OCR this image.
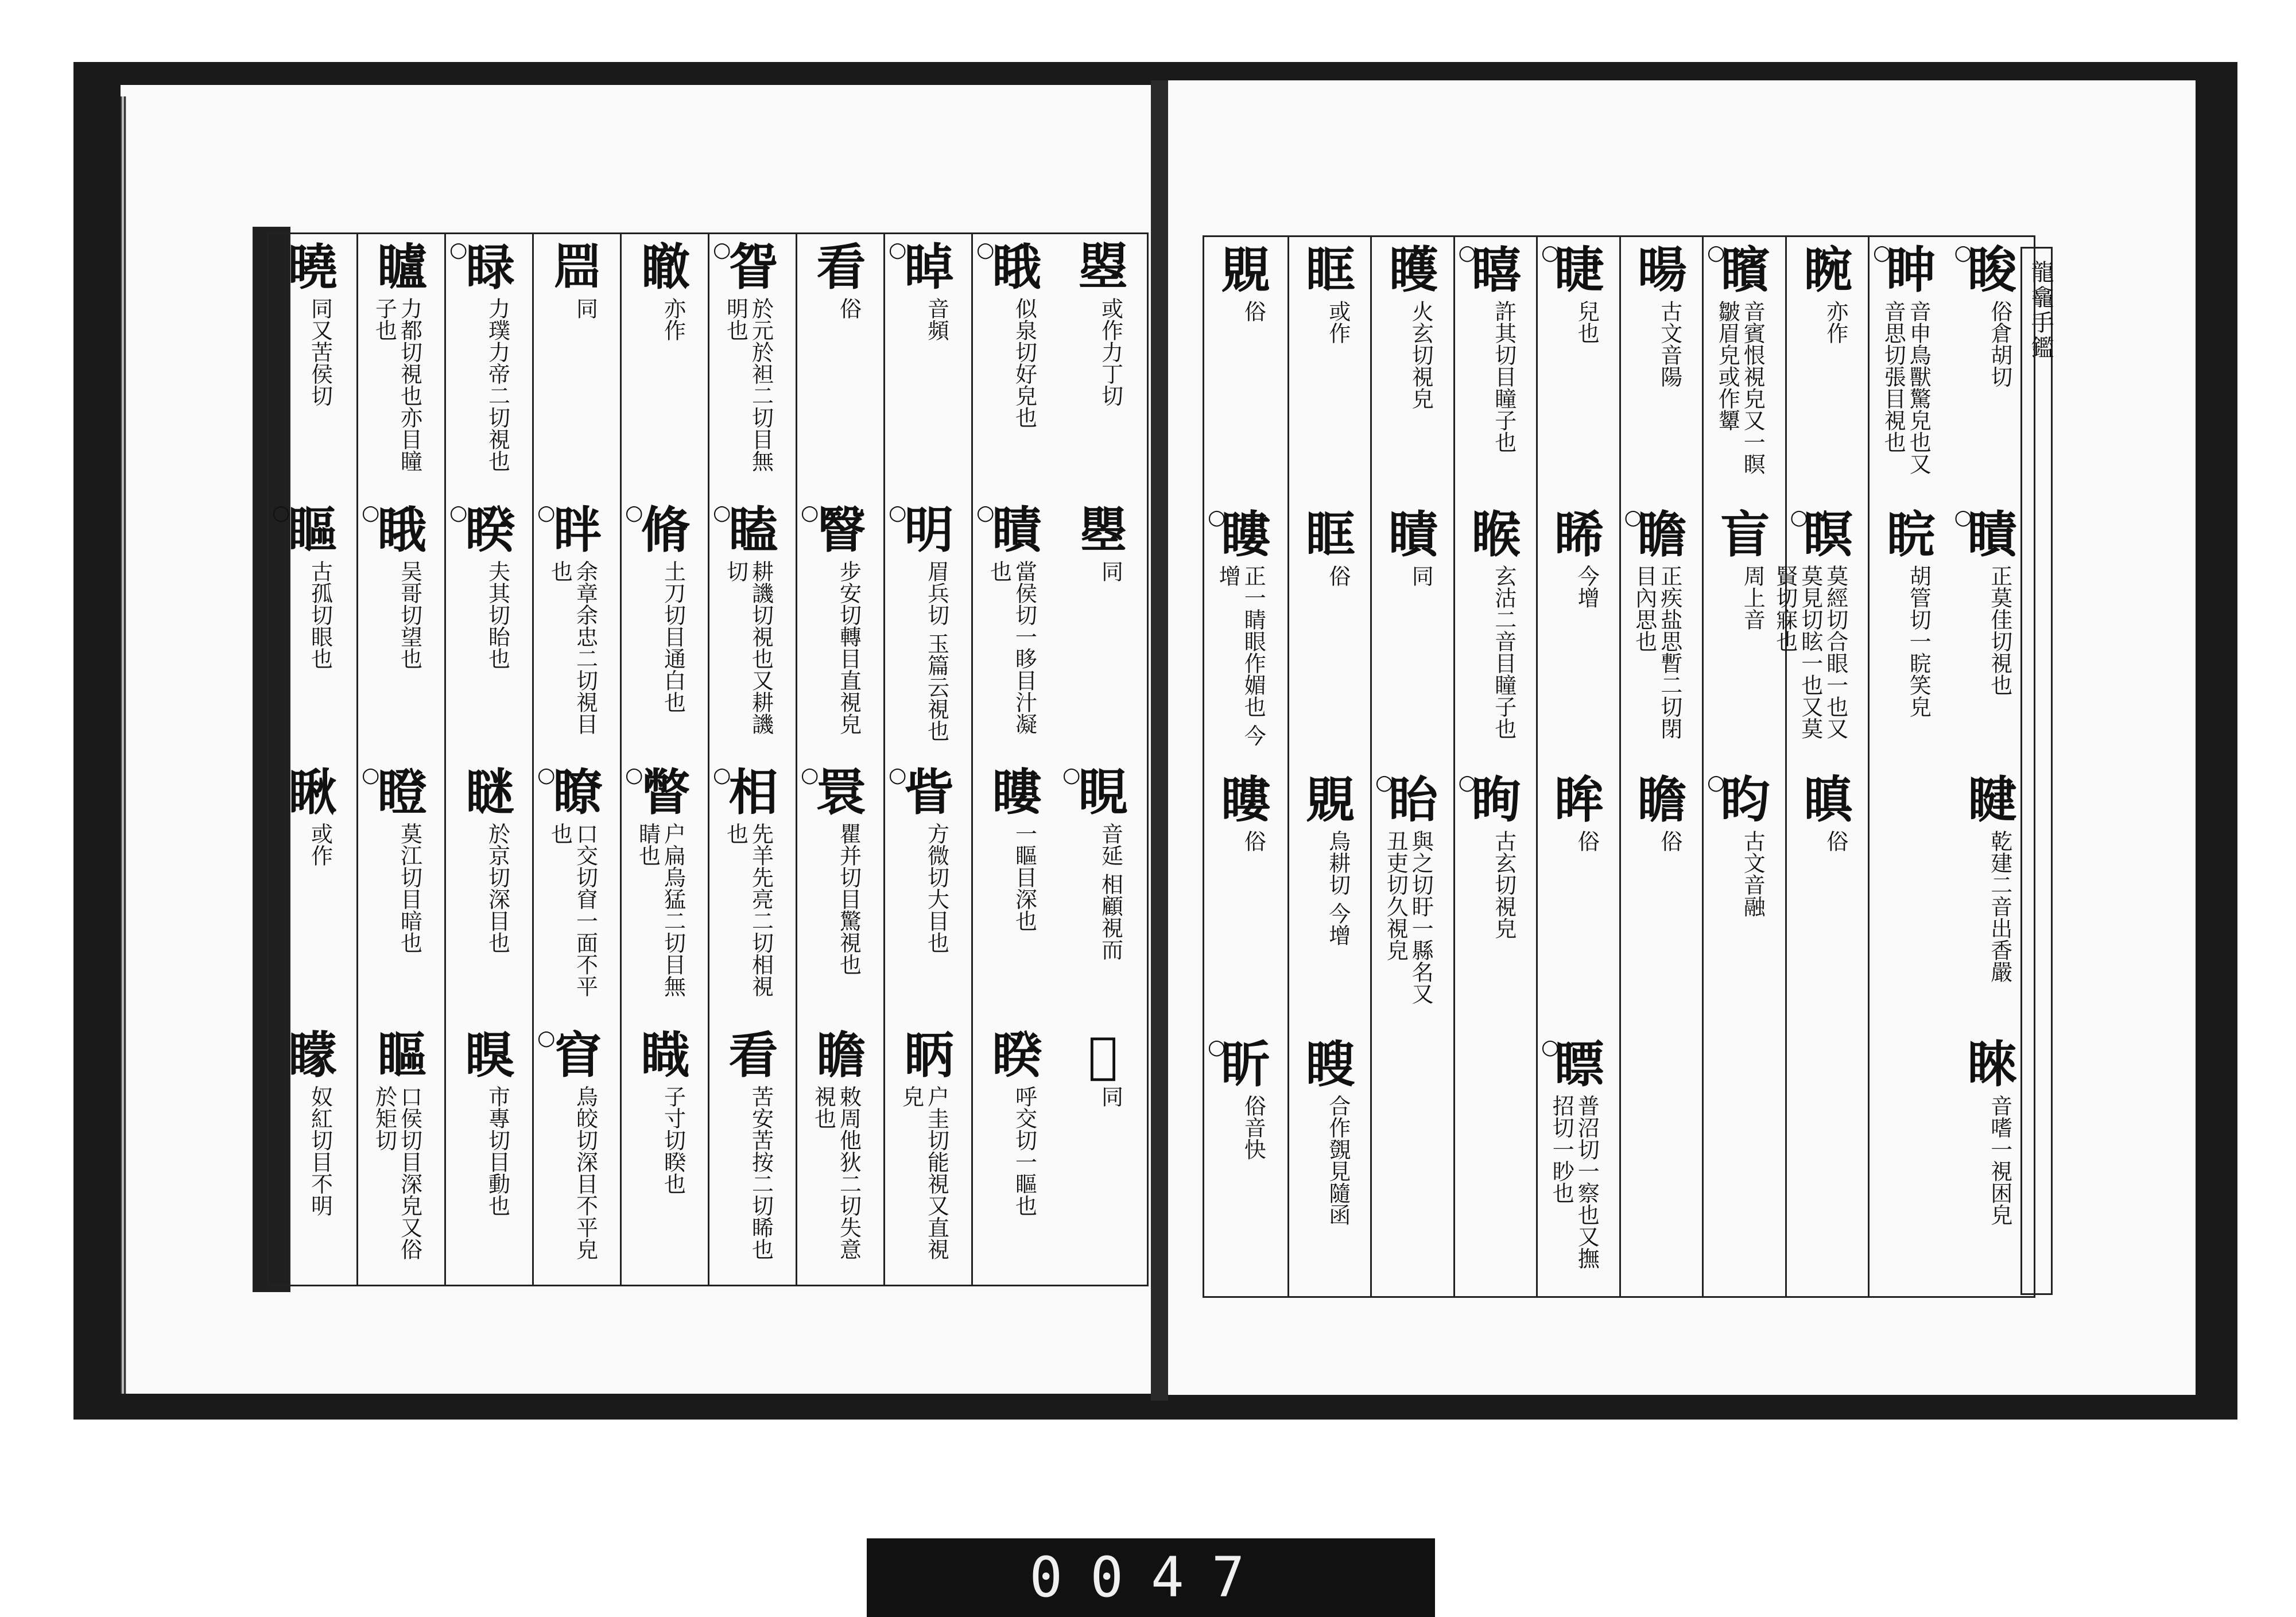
龍龕手鑑
曌
或作力丁切
瞾
同
○
睍
音延 相顧視而
𥉮
同
○
睋
似泉切好皃也
○
瞔
當侯切一眵目汁凝也
瞜
一瞘目深也
睽
呼交切一瞘也
○
𥇍
音頻
○
明
眉兵切 玉篇云視也
○
眥
方微切大目也
眪
户圭切能視又直視皃
看
俗
○
瞖
步安切轉目直視皃
○
睘
瞿并切目驚視也
瞻
敕周他狄二切失意視也
○
眢
於元於袒二切目無明也
○
瞌
耕譏切視也又耕譏切
○
相
先羊先亮二切相視也
看
苦安苦按二切睎也
瞮
亦作
○
脩
土刀切目通白也
○
瞥
户扁烏猛二切目無睛也
睵
子寸切睽也
𥆞
同
○
眫
余章余忠二切視目也
○
瞭
口交切窅一面不平也
○
窅
烏皎切深目不平皃
○
睩
力璞力帝二切視也
○
睽
夫其切眙也
瞇
於京切深目也
瞁
市專切目動也
矑
力都切視也亦目瞳子也
○
睋
吴哥切望也
○
瞪
莫江切目暗也
瞘
口侯切目深皃又俗於矩切
曉
同又苦侯切
○
瞘
古孤切眼也
瞅
或作
矇
奴紅切目不明
○
睃
俗倉胡切
○
瞔
正莫佳切視也
睷
乾建二音出香嚴
睞
音嗜一視困皃
○
眒
音申鳥獸驚皃也又音思切張目視也
睆
胡管切一睆笑皃
睕
亦作
○
瞑
莫經切合眼一也又莫見切眩一也又莫賢切寐也
瞋
俗
○
矉
音賓恨視皃又一瞑皺眉皃或作顰
盲
周上音
○
盷
古文音融
暘
古文音陽
○
瞻
正疾盐思暫二切閉目內思也
瞻
俗
○
睫
兒也
睎
今增
眸
俗
○
瞟
普沼切一察也又撫招切一眇也
○
瞦
許其切目瞳子也
睺
玄沽二音目瞳子也
○
眴
古玄切視皃
矆
火玄切視皃
瞔
同
○
眙
與之切盱一縣名又丑吏切久視皃
眶
或作
眶
俗
覞
烏耕切 今增
瞍
合作覴見隨函
覞
俗
○
瞜
正一睛眼作媚也 今增
瞜
俗
○
盺
俗音快
0047
